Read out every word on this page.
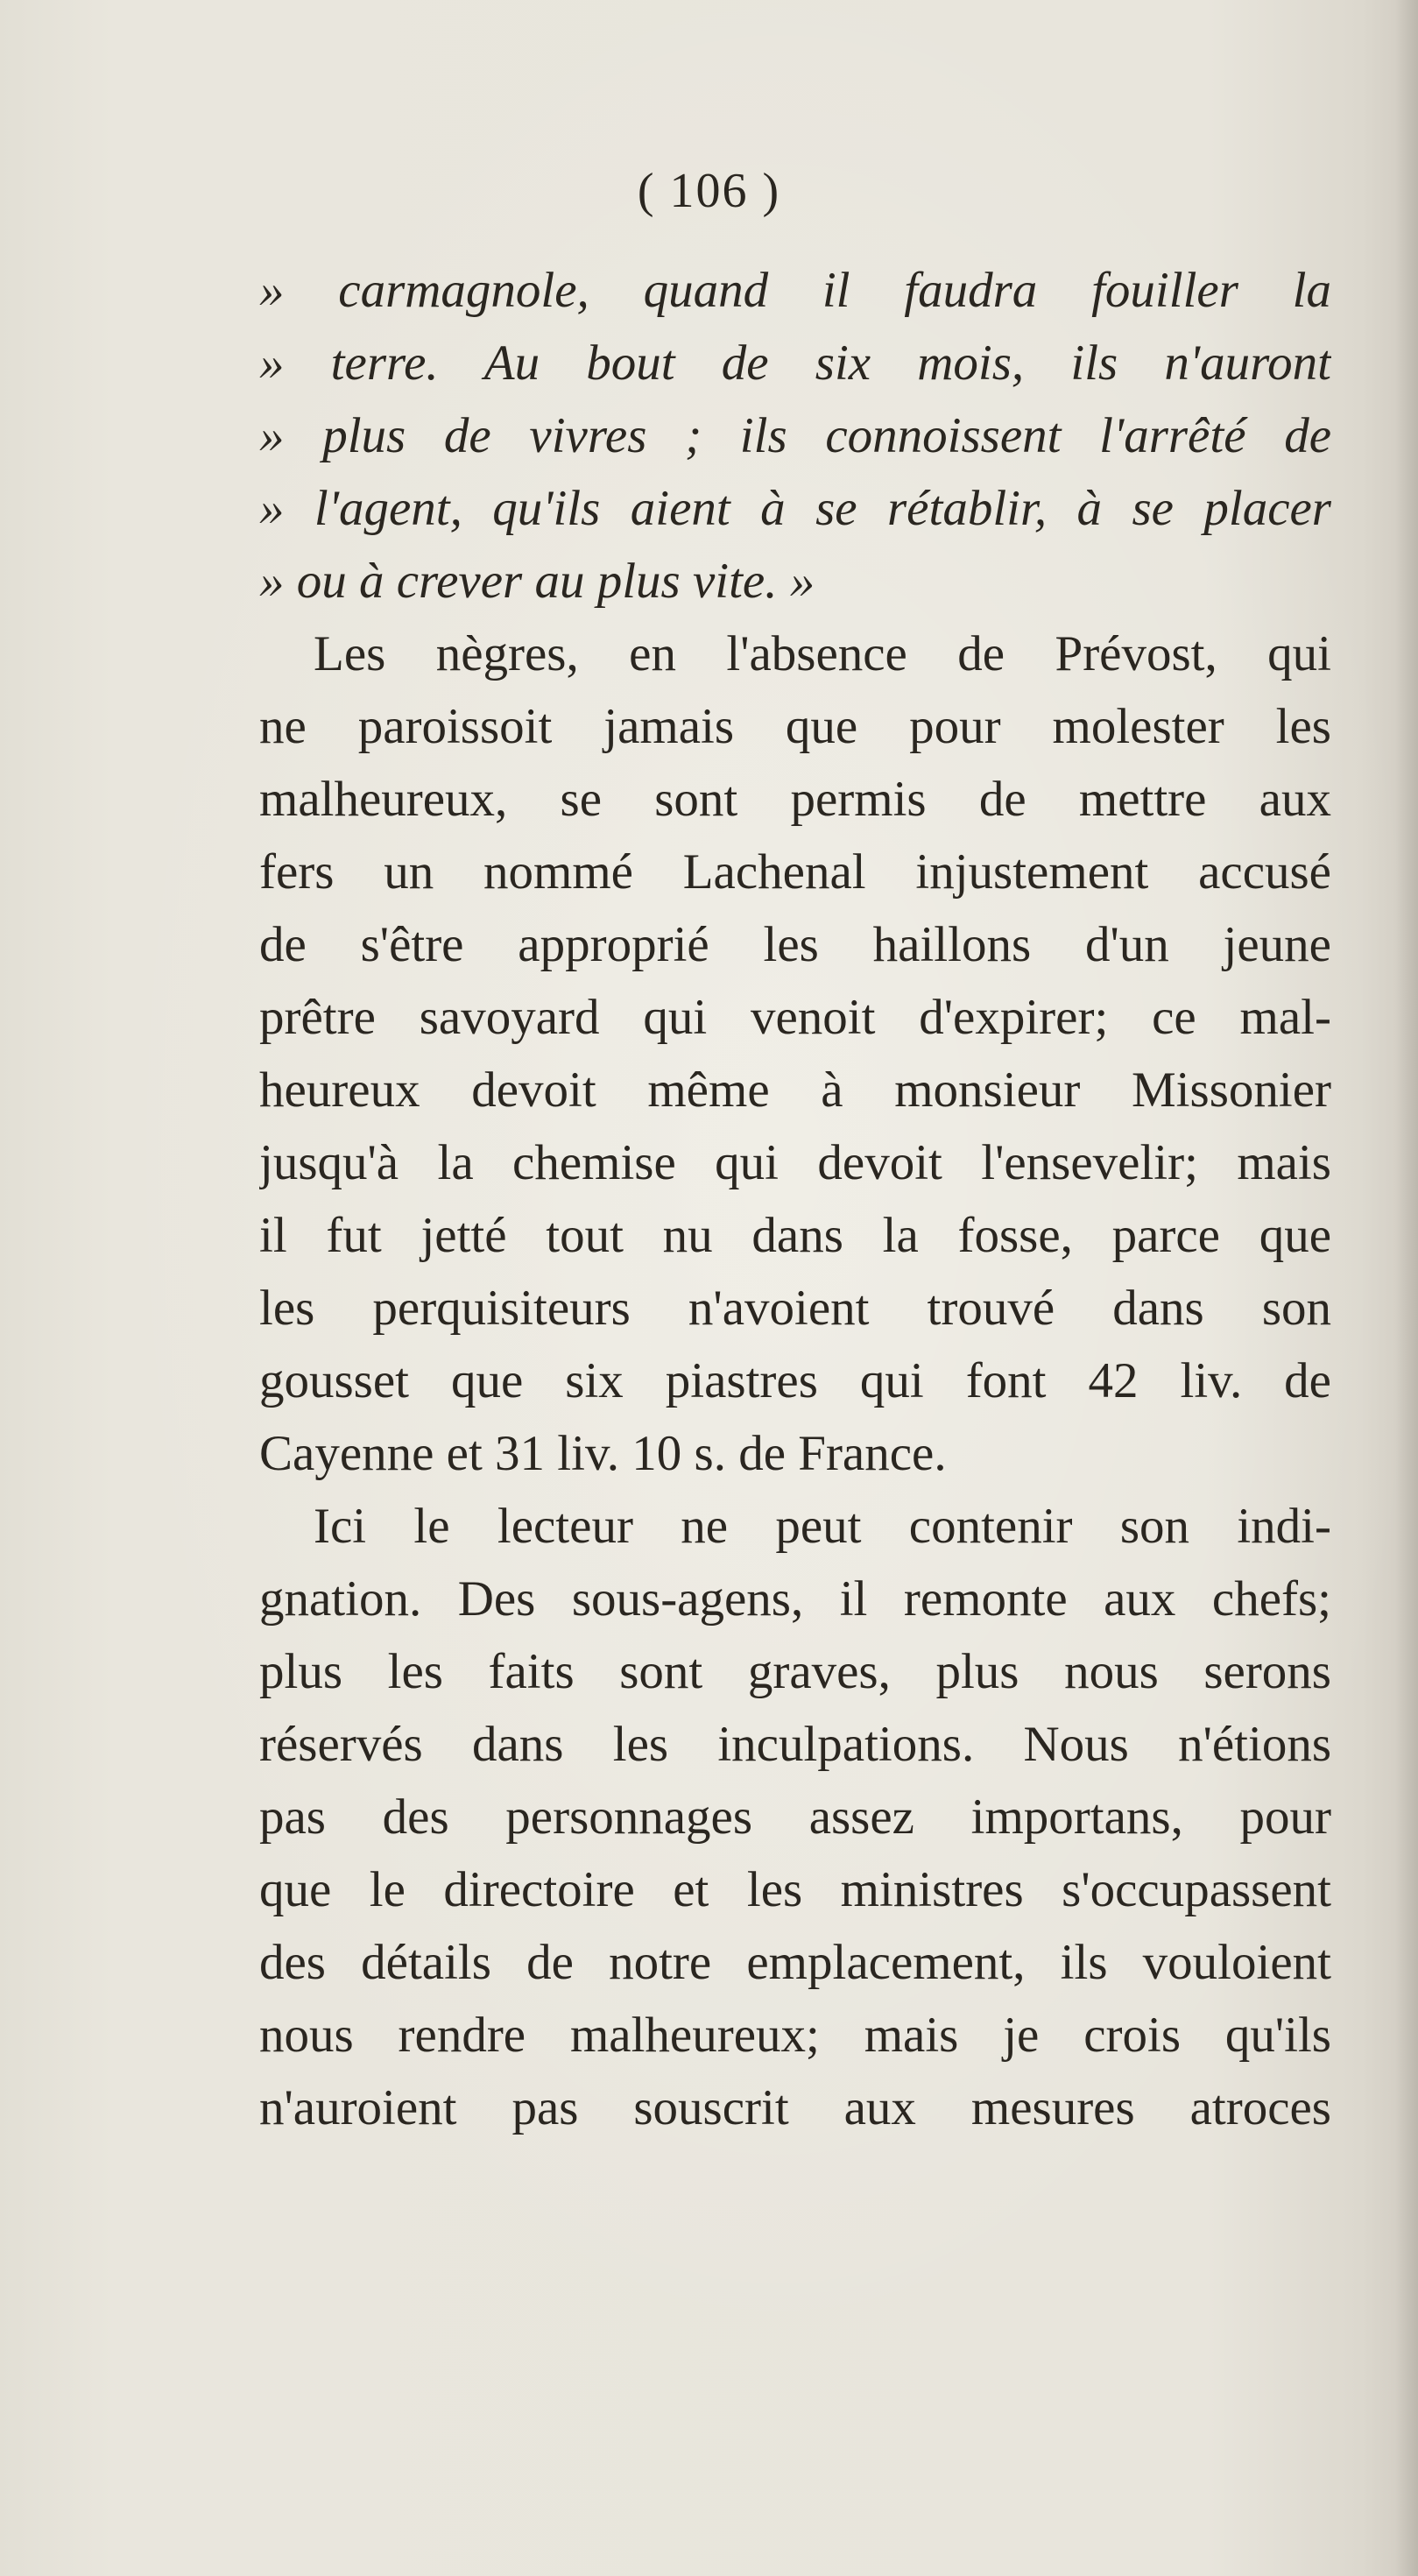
( 106 )
» carmagnole, quand il faudra fouiller la
» terre. Au bout de six mois, ils n'auront
» plus de vivres ; ils connoissent l'arrêté de
» l'agent, qu'ils aient à se rétablir, à se placer
» ou à crever au plus vite. »
Les nègres, en l'absence de Prévost, qui
ne paroissoit jamais que pour molester les
malheureux, se sont permis de mettre aux
fers un nommé Lachenal injustement accusé
de s'être approprié les haillons d'un jeune
prêtre savoyard qui venoit d'expirer; ce mal-
heureux devoit même à monsieur Missonier
jusqu'à la chemise qui devoit l'ensevelir; mais
il fut jetté tout nu dans la fosse, parce que
les perquisiteurs n'avoient trouvé dans son
gousset que six piastres qui font 42 liv. de
Cayenne et 31 liv. 10 s. de France.
Ici le lecteur ne peut contenir son indi-
gnation. Des sous-agens, il remonte aux chefs;
plus les faits sont graves, plus nous serons
réservés dans les inculpations. Nous n'étions
pas des personnages assez importans, pour
que le directoire et les ministres s'occupassent
des détails de notre emplacement, ils vouloient
nous rendre malheureux; mais je crois qu'ils
n'auroient pas souscrit aux mesures atroces
